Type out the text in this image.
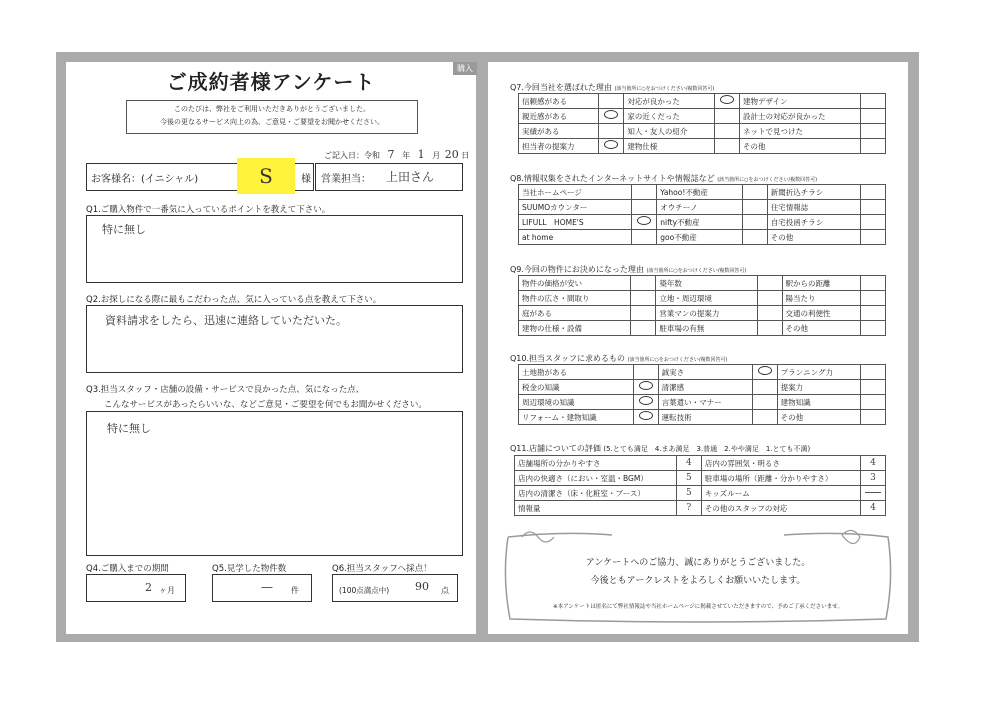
購入
ご成約者様アンケート
このたびは、弊社をご利用いただきありがとうございました。
今後の更なるサービス向上の為、ご意見・ご要望をお聞かせください。
ご記入日：令和 7 年 1 月 20 日
お客様名：(イニシャル)	S	様 営業担当： 上田さん
Q1.ご購入物件で一番気に入っているポイントを教えて下さい。
特に無し
Q2.お探しになる際に最もこだわった点、気に入っている点を教えて下さい。
資料請求をしたら、迅速に連絡していただいた。
Q3.担当スタッフ・店舗の設備・サービスで良かった点、気になった点、
こんなサービスがあったらいいな、などご意見・ご要望を何でもお聞かせください。
特に無し
Q4.ご購入までの期間
2 ヶ月
Q5.見学した物件数
— 件
Q6.担当スタッフへ採点！
(100点満点中) 90 点
Q7.今回当社を選ばれた理由 (該当箇所に○をおつけください/複数回答可)
信頼感がある		対応が良かった		建物デザイン	
親近感がある		家の近くだった		設計士の対応が良かった	
実績がある		知人・友人の紹介		ネットで見つけた	
担当者の提案力		建物仕様		その他	
Q8.情報収集をされたインターネットサイトや情報誌など (該当箇所に○をおつけください/複数回答可)
当社ホームページ		Yahoo!不動産		新聞折込チラシ	
SUUMOカウンター		オウチーノ		住宅情報誌	
LIFULL　HOME'S		nifty不動産		自宅投函チラシ	
at home		goo不動産		その他	
Q9.今回の物件にお決めになった理由 (該当箇所に○をおつけください/複数回答可)
物件の価格が安い		築年数		駅からの距離	
物件の広さ・間取り		立地・周辺環境		陽当たり	
庭がある		営業マンの提案力		交通の利便性	
建物の仕様・設備		駐車場の有無		その他	
Q10.担当スタッフに求めるもの (該当箇所に○をおつけください/複数回答可)
土地勘がある		誠実さ		プランニング力	
税金の知識		清潔感		提案力	
周辺環境の知識		言葉遣い・マナー		建物知識	
リフォーム・建物知識		運転技術		その他	
Q11.店舗についての評価 (5.とても満足　4.まあ満足　3.普通　2.やや満足　1.とても不満)
店舗場所の分かりやすさ	4	店内の雰囲気・明るさ	4
店内の快適さ（におい・室温・BGM）	5	駐車場の場所（距離・分かりやすさ）	3
店内の清潔さ（床・化粧室・ブース）	5	キッズルーム	
情報量	?	その他のスタッフの対応	4
アンケートへのご協力、誠にありがとうございました。
今後ともアークレストをよろしくお願いいたします。
※本アンケートは匿名にて弊社情報誌や当社ホームページに掲載させていただきますので、予めご了承くださいませ。
